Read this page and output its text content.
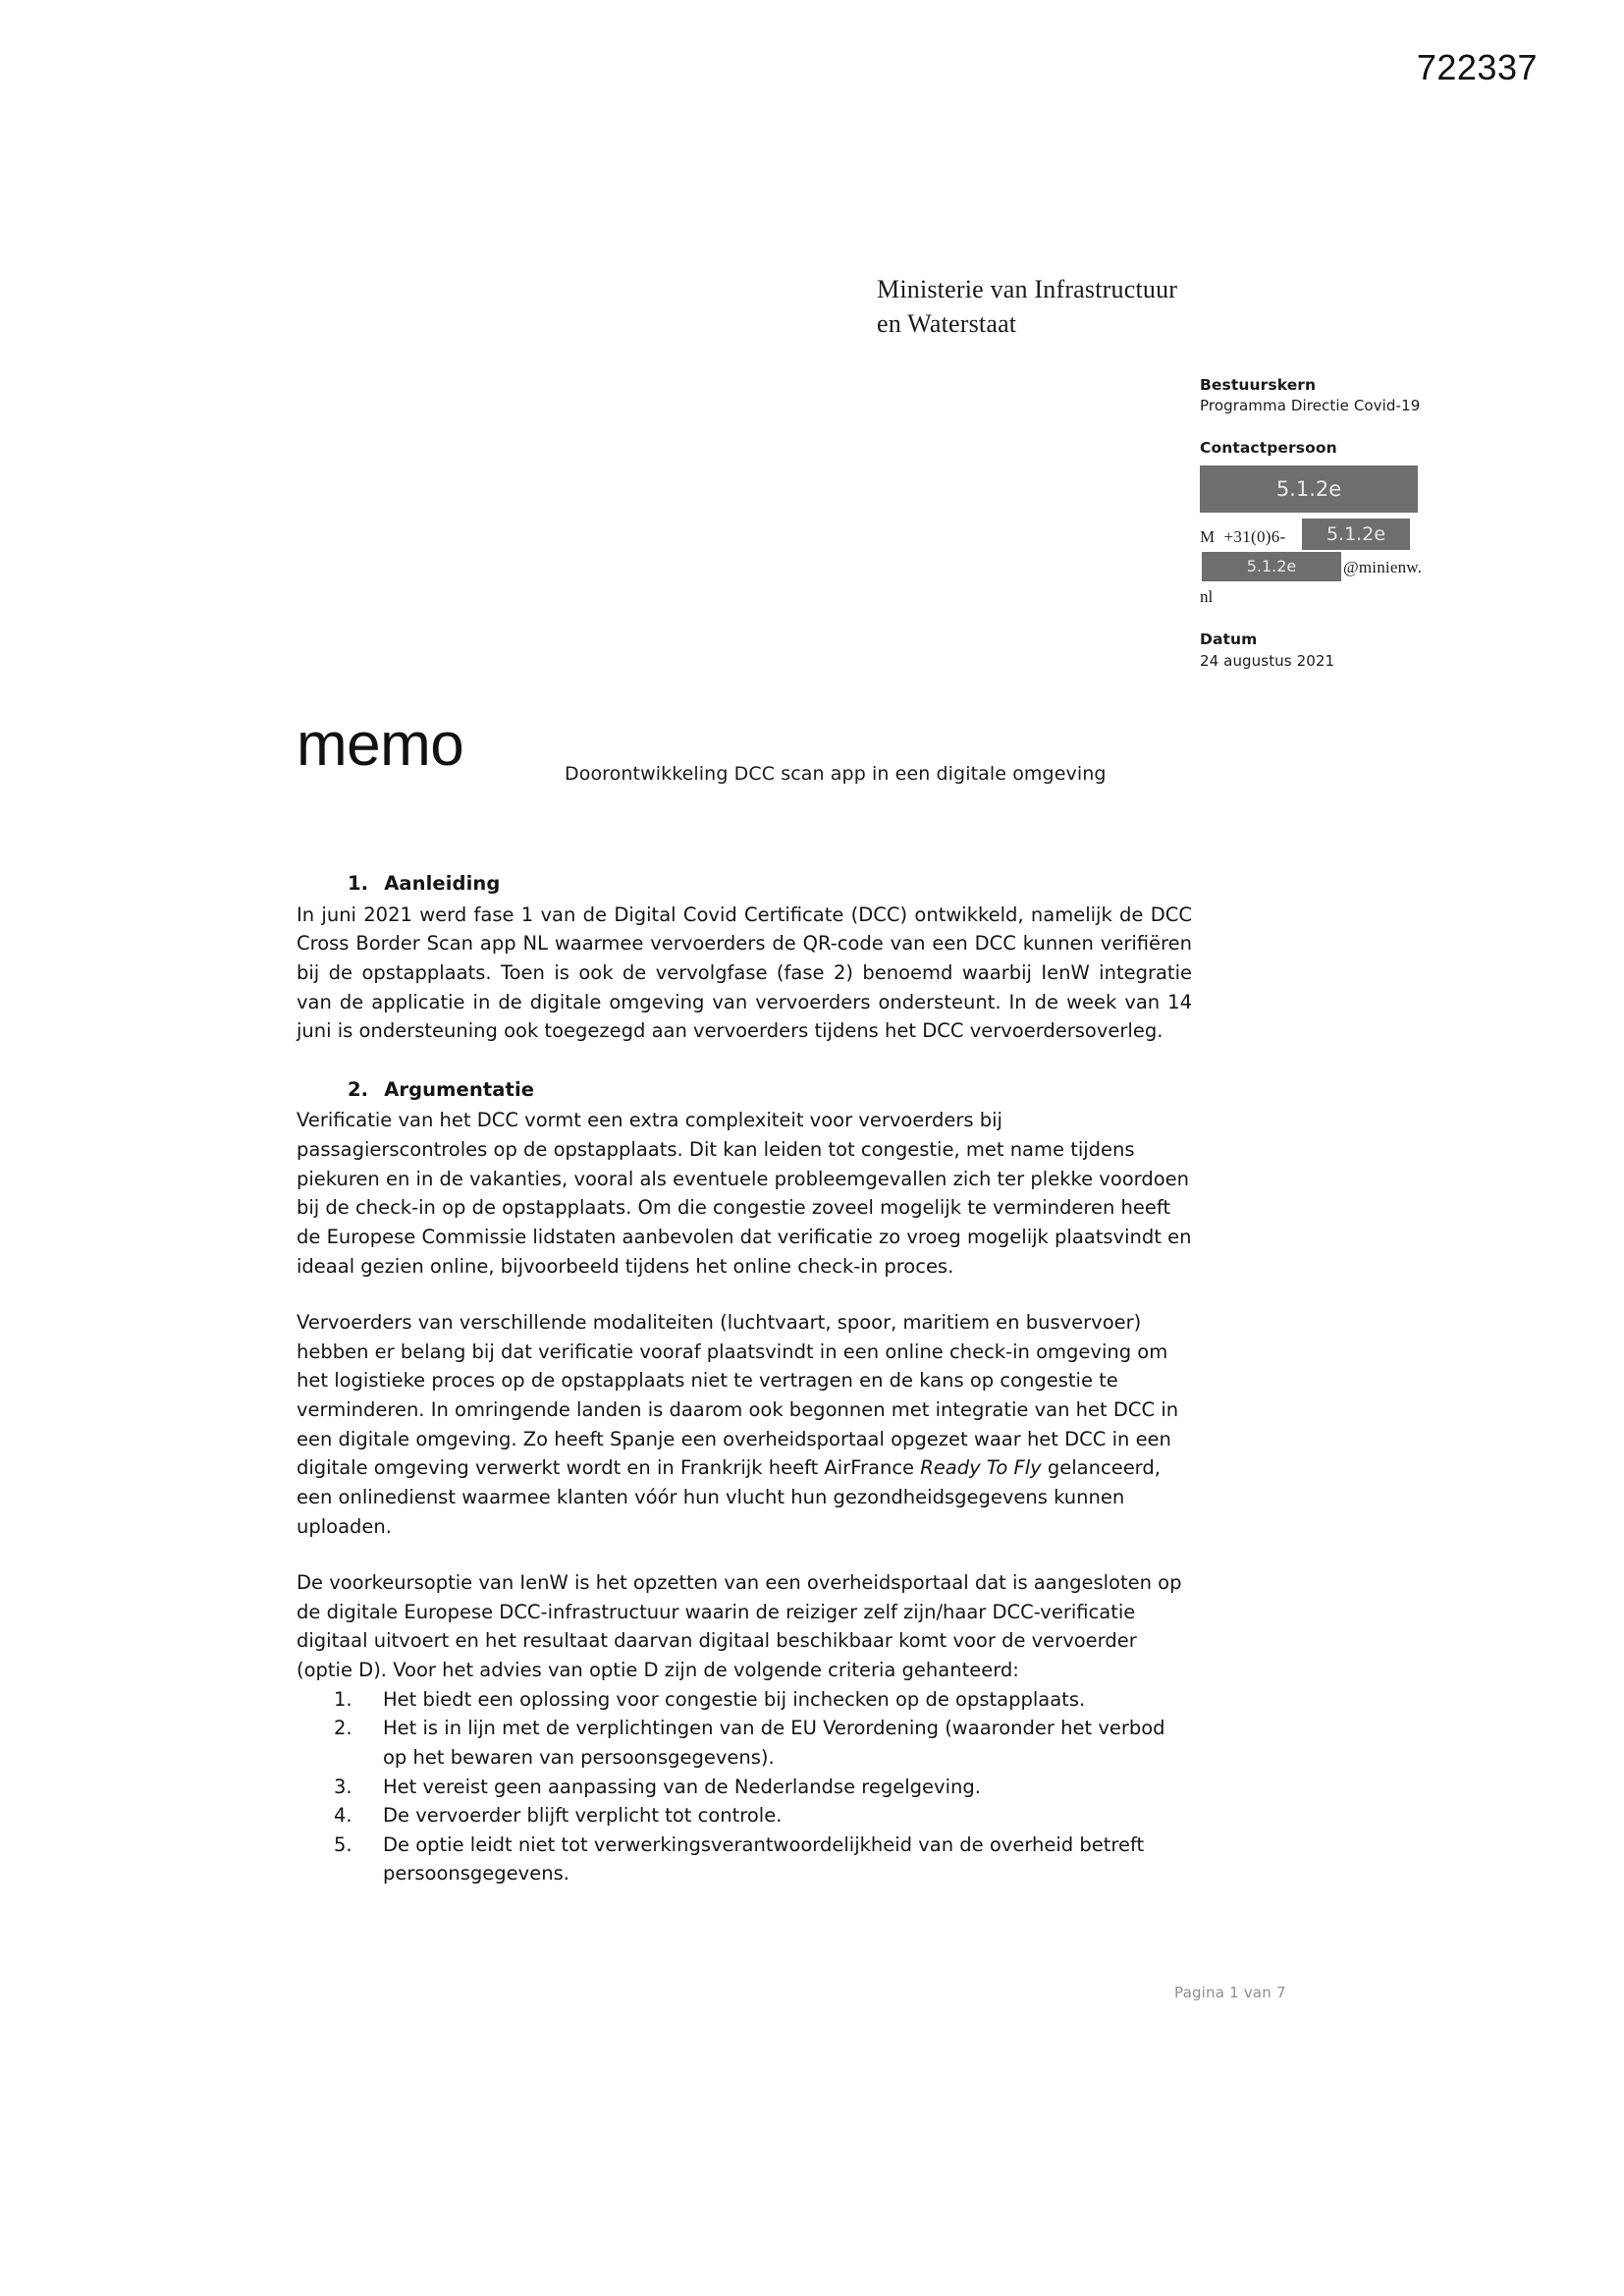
722337
Ministerie van Infrastructuur
en Waterstaat
Bestuurskern
Programma Directie Covid-19
Contactpersoon
5.1.2e
M +31(0)6-	5.1.2e
5.1.2e	@minienw.
nl
Datum
24 augustus 2021
memo	Doorontwikkeling DCC scan app in een digitale omgeving
1. Aanleiding

In juni 2021 werd fase 1 van de Digital Covid Certificate (DCC) ontwikkeld, namelijk de DCC Cross Border Scan app NL waarmee vervoerders de QR-code van een DCC kunnen verifiëren bij de opstapplaats. Toen is ook de vervolgfase (fase 2) benoemd waarbij IenW integratie van de applicatie in de digitale omgeving van vervoerders ondersteunt. In de week van 14 juni is ondersteuning ook toegezegd aan vervoerders tijdens het DCC vervoerdersoverleg.

2. Argumentatie

Verificatie van het DCC vormt een extra complexiteit voor vervoerders bij passagierscontroles op de opstapplaats. Dit kan leiden tot congestie, met name tijdens piekuren en in de vakanties, vooral als eventuele probleemgevallen zich ter plekke voordoen bij de check-in op de opstapplaats. Om die congestie zoveel mogelijk te verminderen heeft de Europese Commissie lidstaten aanbevolen dat verificatie zo vroeg mogelijk plaatsvindt en ideaal gezien online, bijvoorbeeld tijdens het online check-in proces.

Vervoerders van verschillende modaliteiten (luchtvaart, spoor, maritiem en busvervoer) hebben er belang bij dat verificatie vooraf plaatsvindt in een online check-in omgeving om het logistieke proces op de opstapplaats niet te vertragen en de kans op congestie te verminderen. In omringende landen is daarom ook begonnen met integratie van het DCC in een digitale omgeving. Zo heeft Spanje een overheidsportaal opgezet waar het DCC in een digitale omgeving verwerkt wordt en in Frankrijk heeft AirFrance Ready To Fly gelanceerd, een onlinedienst waarmee klanten vóór hun vlucht hun gezondheidsgegevens kunnen uploaden.

De voorkeursoptie van IenW is het opzetten van een overheidsportaal dat is aangesloten op de digitale Europese DCC-infrastructuur waarin de reiziger zelf zijn/haar DCC-verificatie digitaal uitvoert en het resultaat daarvan digitaal beschikbaar komt voor de vervoerder (optie D). Voor het advies van optie D zijn de volgende criteria gehanteerd:

Het biedt een oplossing voor congestie bij inchecken op de opstapplaats.
Het is in lijn met de verplichtingen van de EU Verordening (waaronder het verbod op het bewaren van persoonsgegevens).
Het vereist geen aanpassing van de Nederlandse regelgeving.
De vervoerder blijft verplicht tot controle.
De optie leidt niet tot verwerkingsverantwoordelijkheid van de overheid betreft persoonsgegevens.
Pagina 1 van 7
